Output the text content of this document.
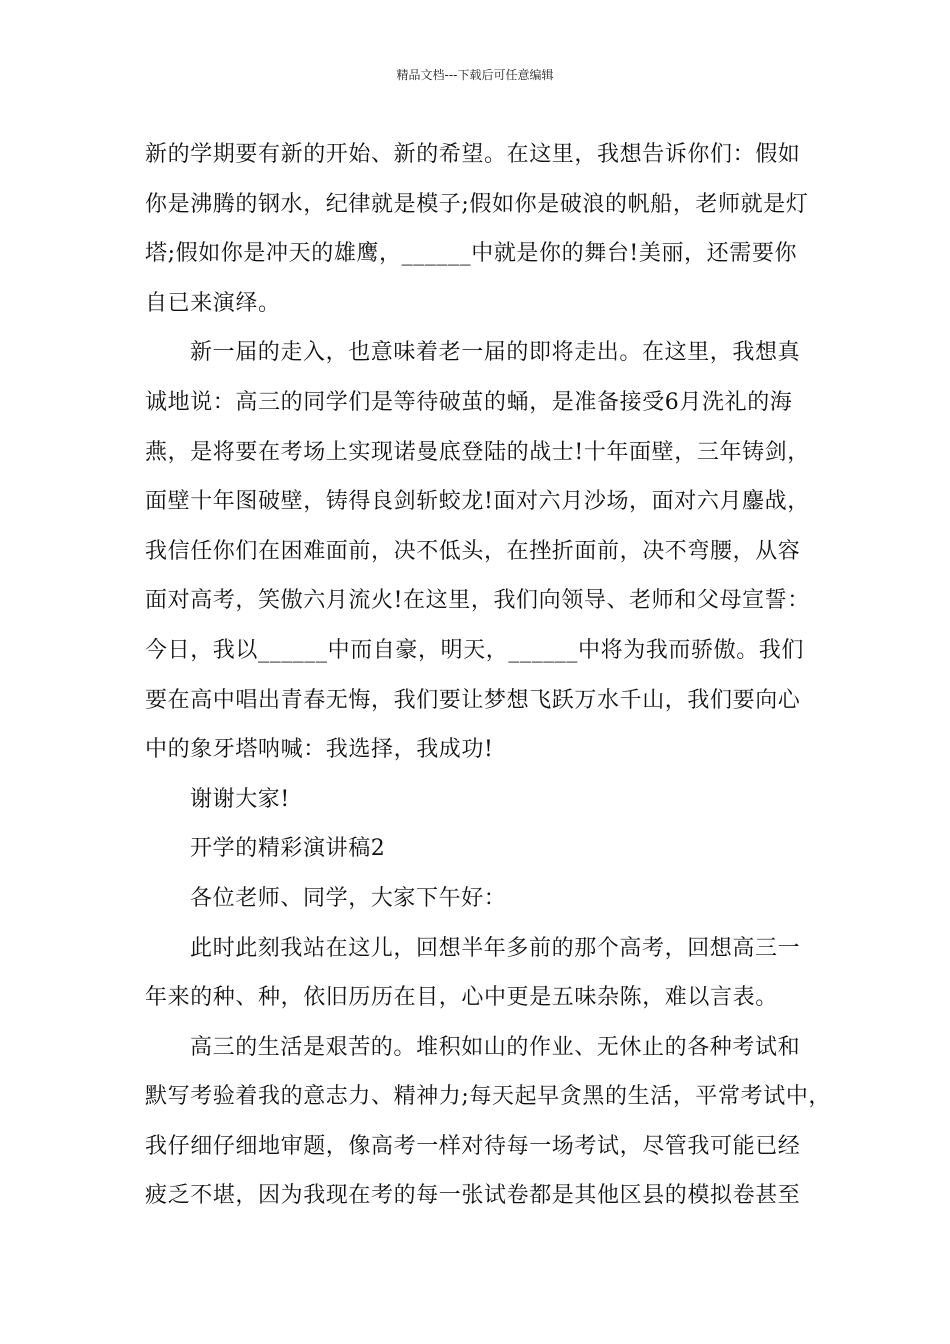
精品文档---下载后可任意编辑
新的学期要有新的开始、新的希望。在这里，我想告诉你们：假如
你是沸腾的钢水，纪律就是模子;假如你是破浪的帆船，老师就是灯
塔;假如你是冲天的雄鹰，______中就是你的舞台!美丽，还需要你
自已来演绎。
新一届的走入，也意味着老一届的即将走出。在这里，我想真
诚地说：高三的同学们是等待破茧的蛹，是准备接受6月洗礼的海
燕，是将要在考场上实现诺曼底登陆的战士!十年面壁，三年铸剑，
面壁十年图破壁，铸得良剑斩蛟龙!面对六月沙场，面对六月鏖战，
我信任你们在困难面前，决不低头，在挫折面前，决不弯腰，从容
面对高考，笑傲六月流火!在这里，我们向领导、老师和父母宣誓：
今日，我以______中而自豪，明天，______中将为我而骄傲。我们
要在高中唱出青春无悔，我们要让梦想飞跃万水千山，我们要向心
中的象牙塔呐喊：我选择，我成功!
谢谢大家!
开学的精彩演讲稿2
各位老师、同学，大家下午好：
此时此刻我站在这儿，回想半年多前的那个高考，回想高三一
年来的种、种，依旧历历在目，心中更是五味杂陈，难以言表。
高三的生活是艰苦的。堆积如山的作业、无休止的各种考试和
默写考验着我的意志力、精神力;每天起早贪黑的生活，平常考试中，
我仔细仔细地审题，像高考一样对待每一场考试，尽管我可能已经
疲乏不堪，因为我现在考的每一张试卷都是其他区县的模拟卷甚至
